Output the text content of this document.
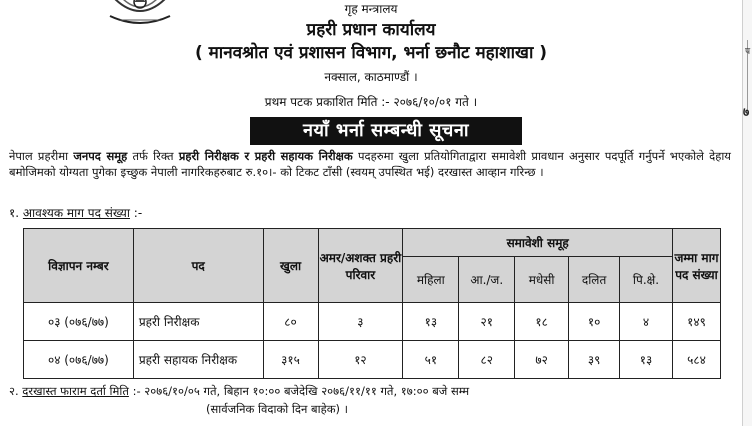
गृह मन्त्रालय
प्रहरी प्रधान कार्यालय
( मानवश्रोत एवं प्रशासन विभाग, भर्ना छनौट महाशाखा )
नक्साल, काठमाण्डौं ।
प्रथम पटक प्रकाशित मिति :- २०७६/१०/०१ गते ।
नयाँ भर्ना सम्बन्धी सूचना
नेपाल प्रहरीमा जनपद समूह तर्फ रिक्त प्रहरी निरीक्षक र प्रहरी सहायक निरीक्षक पदहरुमा खुला प्रतियोगिताद्वारा समावेशी प्रावधान अनुसार पदपूर्ति गर्नुपर्ने भएकोले देहाय बमोजिमको योग्यता पुगेका इच्छुक नेपाली नागरिकहरुबाट रु.१०।- को टिकट टाँसी (स्वयम् उपस्थित भई) दरखास्त आव्हान गरिन्छ ।
१. आवश्यक माग पद संख्या :-
विज्ञापन नम्बर	पद	खुला	अमर/अशक्त प्रहरी परिवार	समावेशी समूह					जम्मा माग पद संख्या
				महिला	आ./ज.	मधेसी	दलित	पि.क्षे.	
०३ (०७६/७७)	प्रहरी निरीक्षक	८०	३	१३	२१	१८	१०	४	१४९
०४ (०७६/७७)	प्रहरी सहायक निरीक्षक	३१५	१२	५१	८२	७२	३९	१३	५८४
२. दरखास्त फाराम दर्ता मिति :- २०७६/१०/०५ गते, बिहान १०:०० बजेदेखि २०७६/११/११ गते, १७:०० बजे सम्म
(सार्वजनिक विदाको दिन बाहेक) ।
प
७
